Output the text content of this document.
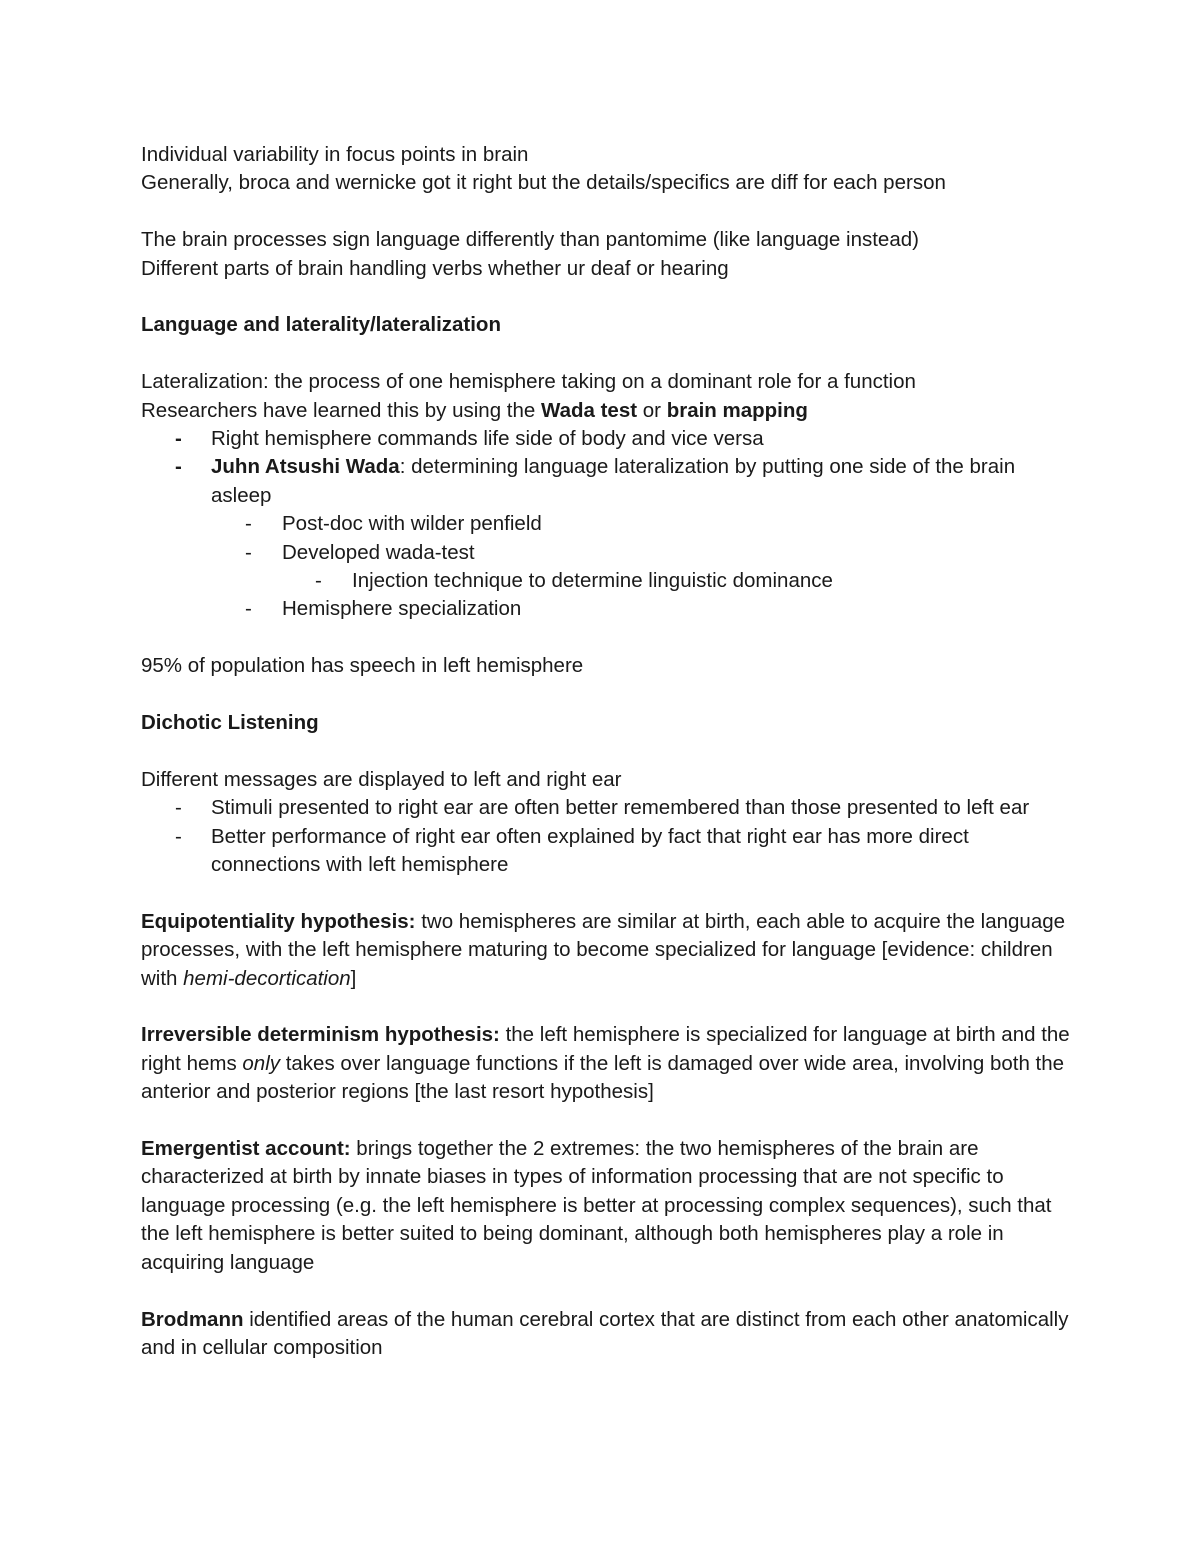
Individual variability in focus points in brain

Generally, broca and wernicke got it right but the details/specifics are diff for each person

The brain processes sign language differently than pantomime (like language instead)

Different parts of brain handling verbs whether ur deaf or hearing

Language and laterality/lateralization

Lateralization: the process of one hemisphere taking on a dominant role for a function

Researchers have learned this by using the Wada test or brain mapping

- Right hemisphere commands life side of body and vice versa
- Juhn Atsushi Wada: determining language lateralization by putting one side of the brain asleep
- Post-doc with wilder penfield
- Developed wada-test
- Injection technique to determine linguistic dominance
- Hemisphere specialization

95% of population has speech in left hemisphere

Dichotic Listening

Different messages are displayed to left and right ear

- Stimuli presented to right ear are often better remembered than those presented to left ear
- Better performance of right ear often explained by fact that right ear has more direct connections with left hemisphere

Equipotentiality hypothesis: two hemispheres are similar at birth, each able to acquire the language processes, with the left hemisphere maturing to become specialized for language [evidence: children with hemi-decortication]

Irreversible determinism hypothesis: the left hemisphere is specialized for language at birth and the right hems only takes over language functions if the left is damaged over wide area, involving both the anterior and posterior regions [the last resort hypothesis]

Emergentist account: brings together the 2 extremes: the two hemispheres of the brain are characterized at birth by innate biases in types of information processing that are not specific to language processing (e.g. the left hemisphere is better at processing complex sequences), such that the left hemisphere is better suited to being dominant, although both hemispheres play a role in acquiring language

Brodmann identified areas of the human cerebral cortex that are distinct from each other anatomically and in cellular composition
